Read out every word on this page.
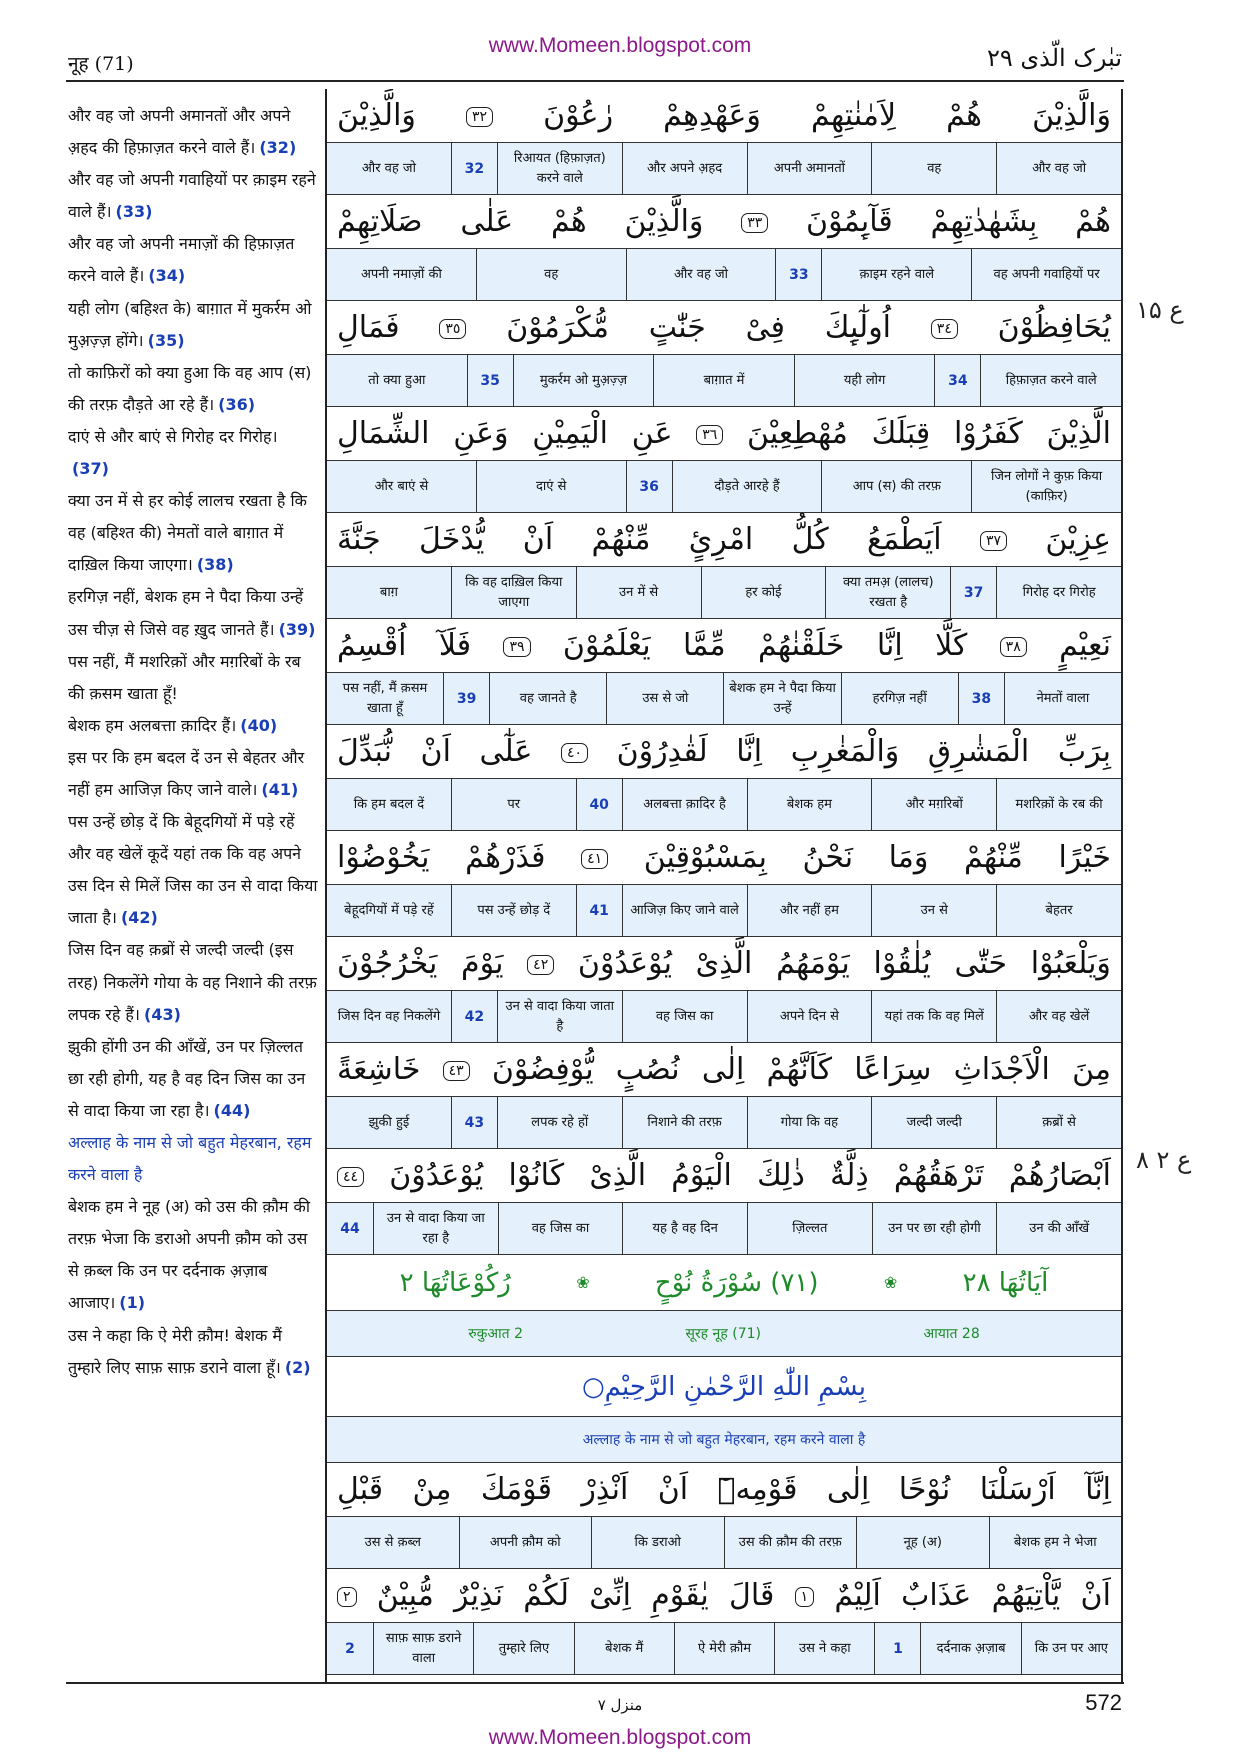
नूह (71)
www.Momeen.blogspot.com	تبٰرک الّذی ۲۹
ع ۱۵
ع ۲ ۸
और वह जो अपनी अमानतों और अपने अ़हद की हिफ़ाज़त करने वाले हैं। (32)
और वह जो अपनी गवाहियों पर क़ाइम रहने वाले हैं। (33)
और वह जो अपनी नमाज़ों की हिफ़ाज़त करने वाले हैं। (34)
यही लोग (बहिश्त के) बाग़ात में मुकर्रम ओ मुअ़ज़्ज़ होंगे। (35)
तो काफ़िरों को क्या हुआ कि वह आप (स) की तरफ़ दौड़ते आ रहे हैं। (36)
दाएं से और बाएं से गिरोह दर गिरोह।(37)
क्या उन में से हर कोई लालच रखता है कि वह (बहिश्त की) नेमतों वाले बाग़ात में दाख़िल किया जाएगा। (38)
हरगिज़ नहीं, बेशक हम ने पैदा किया उन्हें उस चीज़ से जिसे वह ख़ुद जानते हैं। (39)
पस नहीं, मैं मशरिक़ों और मग़रिबों के रब की क़सम खाता हूँ!
बेशक हम अलबत्ता क़ादिर हैं। (40)
इस पर कि हम बदल दें उन से बेहतर और नहीं हम आजिज़ किए जाने वाले। (41)
पस उन्हें छोड़ दें कि बेहूदगियों में पड़े रहें और वह खेलें कूदें यहां तक कि वह अपने उस दिन से मिलें जिस का उन से वादा किया जाता है। (42)
जिस दिन वह क़ब्रों से जल्दी जल्दी (इस तरह) निकलेंगे गोया के वह निशाने की तरफ़ लपक रहे हैं। (43)
झुकी होंगी उन की आँखें, उन पर ज़िल्लत छा रही होगी, यह है वह दिन जिस का उन से वादा किया जा रहा है। (44)
अल्लाह के नाम से जो बहुत मेहरबान, रहम करने वाला है
बेशक हम ने नूह (अ) को उस की क़ौम की तरफ़ भेजा कि डराओ अपनी क़ौम को उस से क़ब्ल कि उन पर दर्दनाक अ़ज़ाब आजाए। (1)
उस ने कहा कि ऐ मेरी क़ौम! बेशक मैं तुम्हारे लिए साफ़ साफ़ डराने वाला हूँ। (2)
وَالَّذِيْنَ هُمْ لِاَمٰنٰتِهِمْ وَعَهْدِهِمْ رٰعُوْنَ ٣٢ وَالَّذِيْنَ
और वह जो
वह
अपनी अमानतों
और अपने अ़हद
रिआयत (हिफ़ाज़त) करने वाले
32
और वह जो
هُمْ بِشَهٰدٰتِهِمْ قَآىِٕمُوْنَ ٣٣ وَالَّذِيْنَ هُمْ عَلٰى صَلَاتِهِمْ
वह अपनी गवाहियों पर
क़ाइम रहने वाले
33
और वह जो
वह
अपनी नमाज़ों की
يُحَافِظُوْنَ ٣٤ اُولٰٓىِٕكَ فِىْ جَنّٰتٍ مُّكْرَمُوْنَ ٣٥ فَمَالِ
हिफ़ाज़त करने वाले
34
यही लोग
बाग़ात में
मुकर्रम ओ मुअ़ज़्ज़
35
तो क्या हुआ
الَّذِيْنَ كَفَرُوْا قِبَلَكَ مُهْطِعِيْنَ ٣٦ عَنِ الْيَمِيْنِ وَعَنِ الشِّمَالِ
जिन लोगों ने कुफ़ किया (काफ़िर)
आप (स) की तरफ़
दौड़ते आरहे हैं
36
दाएं से
और बाएं से
عِزِيْنَ ٣٧ اَيَطْمَعُ كُلُّ امْرِئٍ مِّنْهُمْ اَنْ يُّدْخَلَ جَنَّةَ
गिरोह दर गिरोह
37
क्या तमअ़ (लालच) रखता है
हर कोई
उन में से
कि वह दाख़िल किया जाएगा
बाग़
نَعِيْمٍ ٣٨ كَلَّا اِنَّا خَلَقْنٰهُمْ مِّمَّا يَعْلَمُوْنَ ٣٩ فَلَآ اُقْسِمُ
नेमतों वाला
38
हरगिज़ नहीं
बेशक हम ने पैदा किया उन्हें
उस से जो
वह जानते है
39
पस नहीं, मैं क़सम खाता हूँ
بِرَبِّ الْمَشٰرِقِ وَالْمَغٰرِبِ اِنَّا لَقٰدِرُوْنَ ٤٠ عَلٰٓى اَنْ نُّبَدِّلَ
मशरिक़ों के रब की
और मग़रिबों
बेशक हम
अलबत्ता क़ादिर है
40
पर
कि हम बदल दें
خَيْرًا مِّنْهُمْ وَمَا نَحْنُ بِمَسْبُوْقِيْنَ ٤١ فَذَرْهُمْ يَخُوْضُوْا
बेहतर
उन से
और नहीं हम
आजिज़ किए जाने वाले
41
पस उन्हें छोड़ दें
बेहूदगियों में पड़े रहें
وَيَلْعَبُوْا حَتّٰى يُلٰقُوْا يَوْمَهُمُ الَّذِىْ يُوْعَدُوْنَ ٤٢ يَوْمَ يَخْرُجُوْنَ
और वह खेलें
यहां तक कि वह मिलें
अपने दिन से
वह जिस का
उन से वादा किया जाता है
42
जिस दिन वह निकलेंगे
مِنَ الْاَجْدَاثِ سِرَاعًا كَاَنَّهُمْ اِلٰى نُصُبٍ يُّوْفِضُوْنَ ٤٣ خَاشِعَةً
क़ब्रों से
जल्दी जल्दी
गोया कि वह
निशाने की तरफ़
लपक रहे हों
43
झुकी हुई
اَبْصَارُهُمْ تَرْهَقُهُمْ ذِلَّةٌ ذٰلِكَ الْيَوْمُ الَّذِىْ كَانُوْا يُوْعَدُوْنَ ٤٤
उन की आँखें
उन पर छा रही होगी
ज़िल्लत
यह है वह दिन
वह जिस का
उन से वादा किया जा रहा है
44
آيَاتُهَا ٢٨
❀
(٧١) سُوْرَةُ نُوْحٍ
❀
رُكُوْعَاتُهَا ٢
आयात 28
(71) सूरह नूह
रुकुआत 2
بِسْمِ اللّٰهِ الرَّحْمٰنِ الرَّحِيْمِ○
अल्लाह के नाम से जो बहुत मेहरबान, रहम करने वाला है
اِنَّآ اَرْسَلْنَا نُوْحًا اِلٰى قَوْمِهٖٓ اَنْ اَنْذِرْ قَوْمَكَ مِنْ قَبْلِ
बेशक हम ने भेजा
नूह (अ)
उस की क़ौम की तरफ़
कि डराओ
अपनी क़ौम को
उस से क़ब्ल
اَنْ يَّاْتِيَهُمْ عَذَابٌ اَلِيْمٌ ١ قَالَ يٰقَوْمِ اِنِّىْ لَكُمْ نَذِيْرٌ مُّبِيْنٌ ٢
कि उन पर आए
दर्दनाक अ़ज़ाब
1
उस ने कहा
ऐ मेरी क़ौम
बेशक मैं
तुम्हारे लिए
साफ़ साफ़ डराने वाला
2
منزل ۷	572
www.Momeen.blogspot.com
